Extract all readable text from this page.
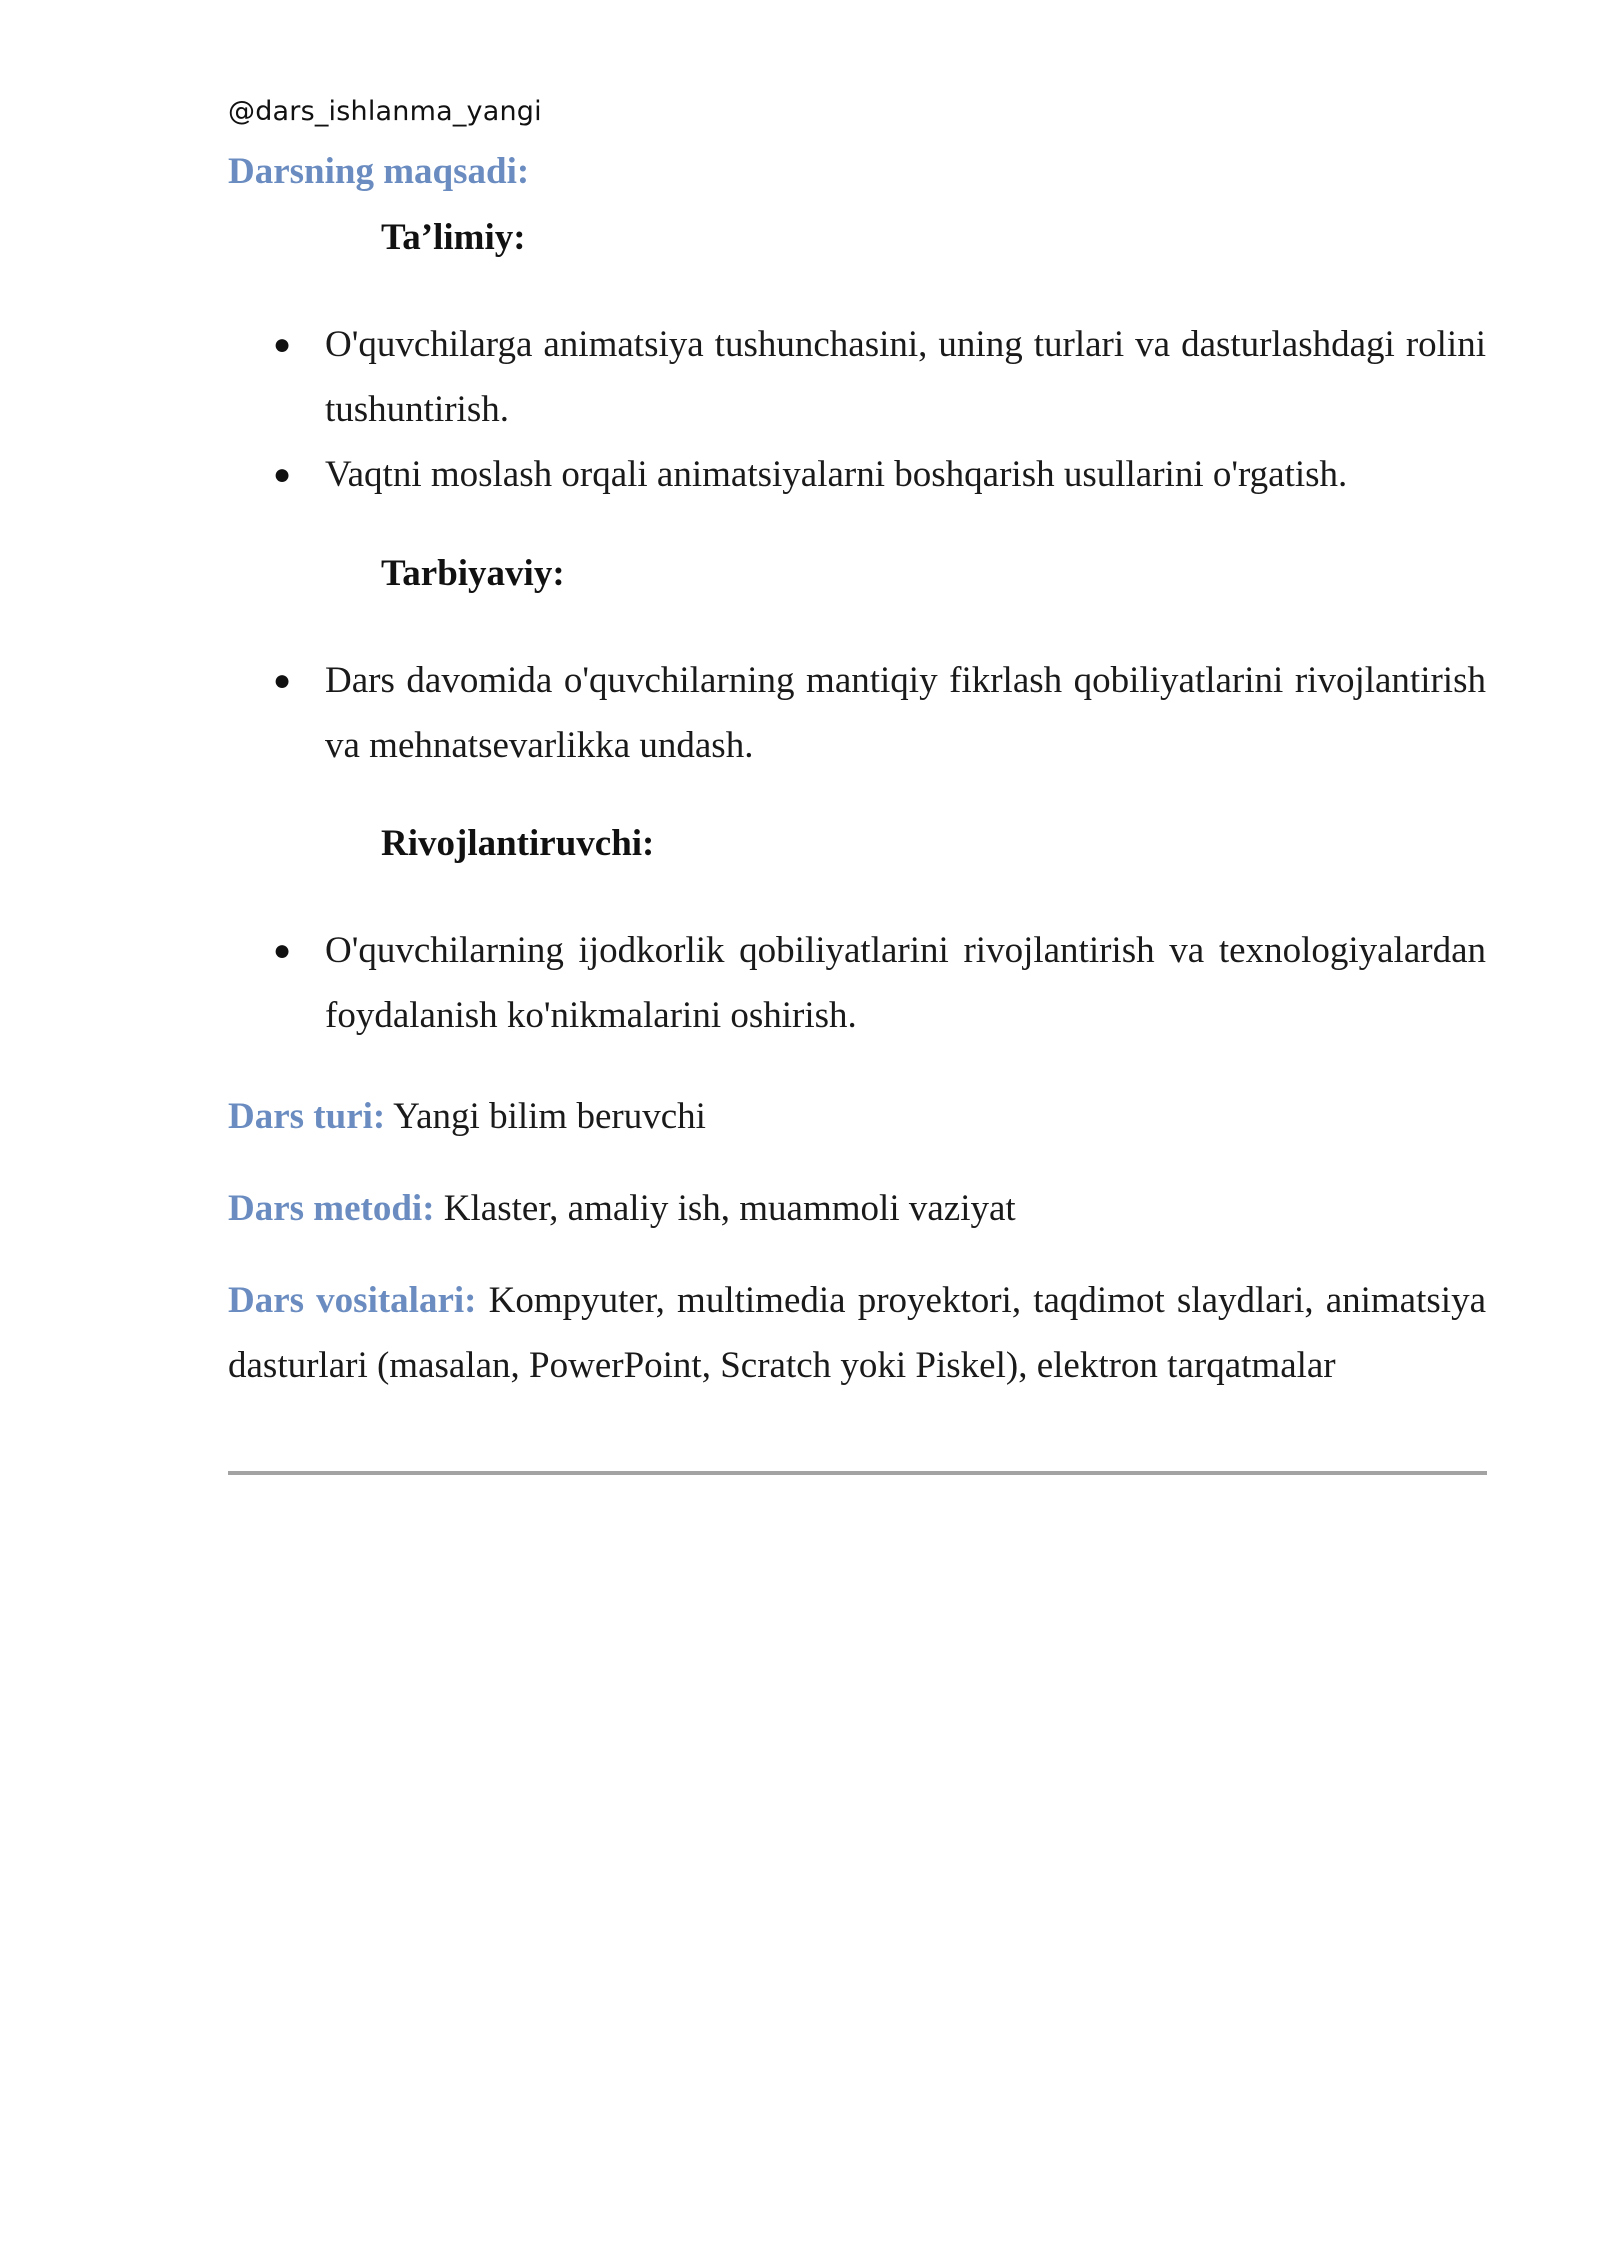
@dars_ishlanma_yangi
Darsning maqsadi:
Ta’limiy:
● O'quvchilarga animatsiya tushunchasini, uning turlari va dasturlashdagi rolini tushuntirish.
● Vaqtni moslash orqali animatsiyalarni boshqarish usullarini o'rgatish.
Tarbiyaviy:
● Dars davomida o'quvchilarning mantiqiy fikrlash qobiliyatlarini rivojlantirish va mehnatsevarlikka undash.
Rivojlantiruvchi:
● O'quvchilarning ijodkorlik qobiliyatlarini rivojlantirish va texnologiyalardan foydalanish ko'nikmalarini oshirish.
Dars turi: Yangi bilim beruvchi
Dars metodi: Klaster, amaliy ish, muammoli vaziyat
Dars vositalari: Kompyuter, multimedia proyektori, taqdimot slaydlari, animatsiya dasturlari (masalan, PowerPoint, Scratch yoki Piskel), elektron tarqatmalar
